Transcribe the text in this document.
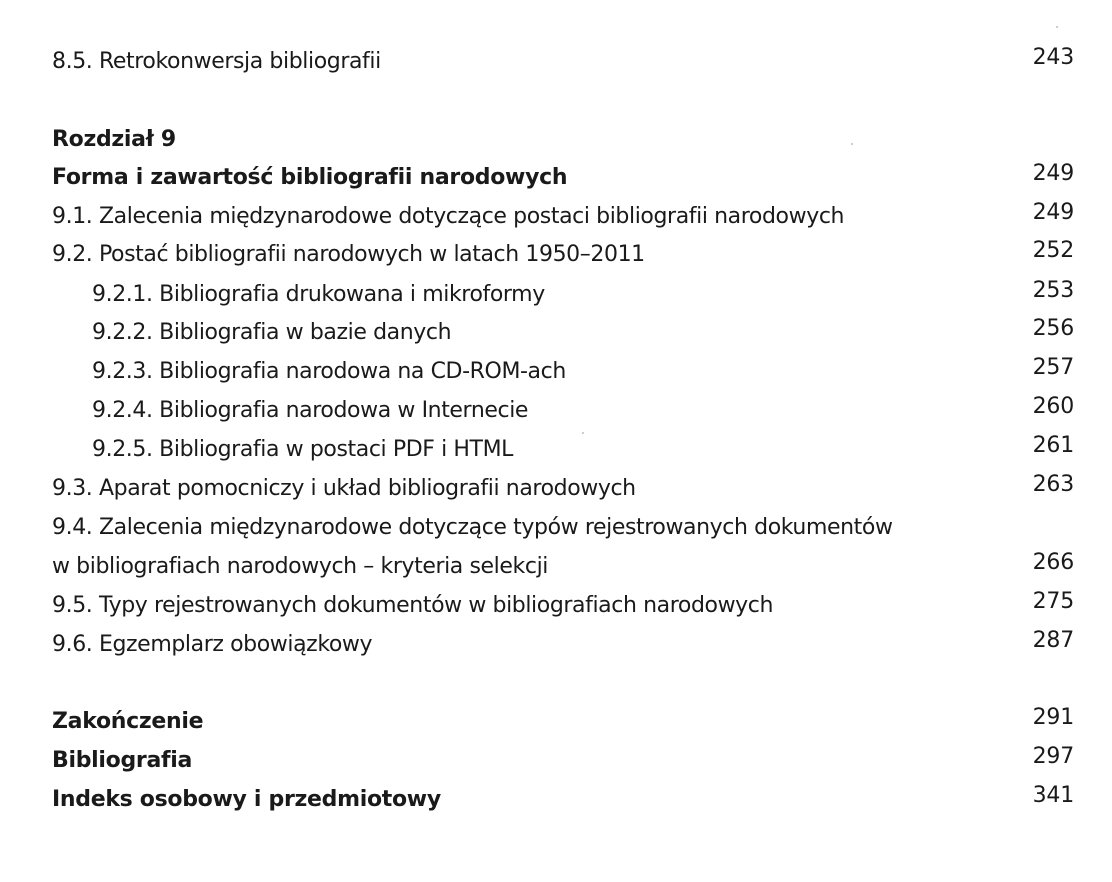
8.5. Retrokonwersja bibliografii	243
Rozdział 9
Forma i zawartość bibliografii narodowych	249
9.1. Zalecenia międzynarodowe dotyczące postaci bibliografii narodowych	249
9.2. Postać bibliografii narodowych w latach 1950–2011	252
9.2.1. Bibliografia drukowana i mikroformy	253
9.2.2. Bibliografia w bazie danych	256
9.2.3. Bibliografia narodowa na CD-ROM-ach	257
9.2.4. Bibliografia narodowa w Internecie	260
9.2.5. Bibliografia w postaci PDF i HTML	261
9.3. Aparat pomocniczy i układ bibliografii narodowych	263
9.4. Zalecenia międzynarodowe dotyczące typów rejestrowanych dokumentów
w bibliografiach narodowych – kryteria selekcji	266
9.5. Typy rejestrowanych dokumentów w bibliografiach narodowych	275
9.6. Egzemplarz obowiązkowy	287
Zakończenie	291
Bibliografia	297
Indeks osobowy i przedmiotowy	341
